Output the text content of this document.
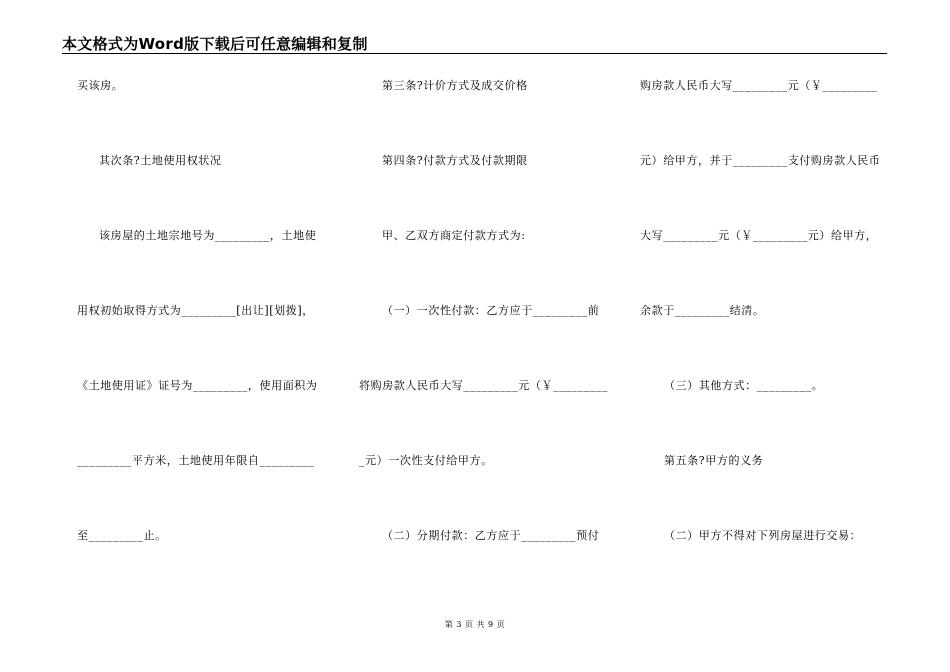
本文格式为Word版下载后可任意编辑和复制
买该房。
其次条?土地使用权状况
该房屋的土地宗地号为_________，土地使
用权初始取得方式为_________[出让][划拨]，
《土地使用证》证号为_________，使用面积为
_________平方米，土地使用年限自_________
至_________止。
第三条?计价方式及成交价格
第四条?付款方式及付款期限
甲、乙双方商定付款方式为:
（一）一次性付款：乙方应于_________前
将购房款人民币大写_________元（￥_________
_元）一次性支付给甲方。
（二）分期付款：乙方应于_________预付
购房款人民币大写_________元（￥_________
元）给甲方，并于_________支付购房款人民币
大写_________元（￥_________元）给甲方，
余款于_________结清。
（三）其他方式：_________。
第五条?甲方的义务
（二）甲方不得对下列房屋进行交易：
第 3 页 共 9 页
